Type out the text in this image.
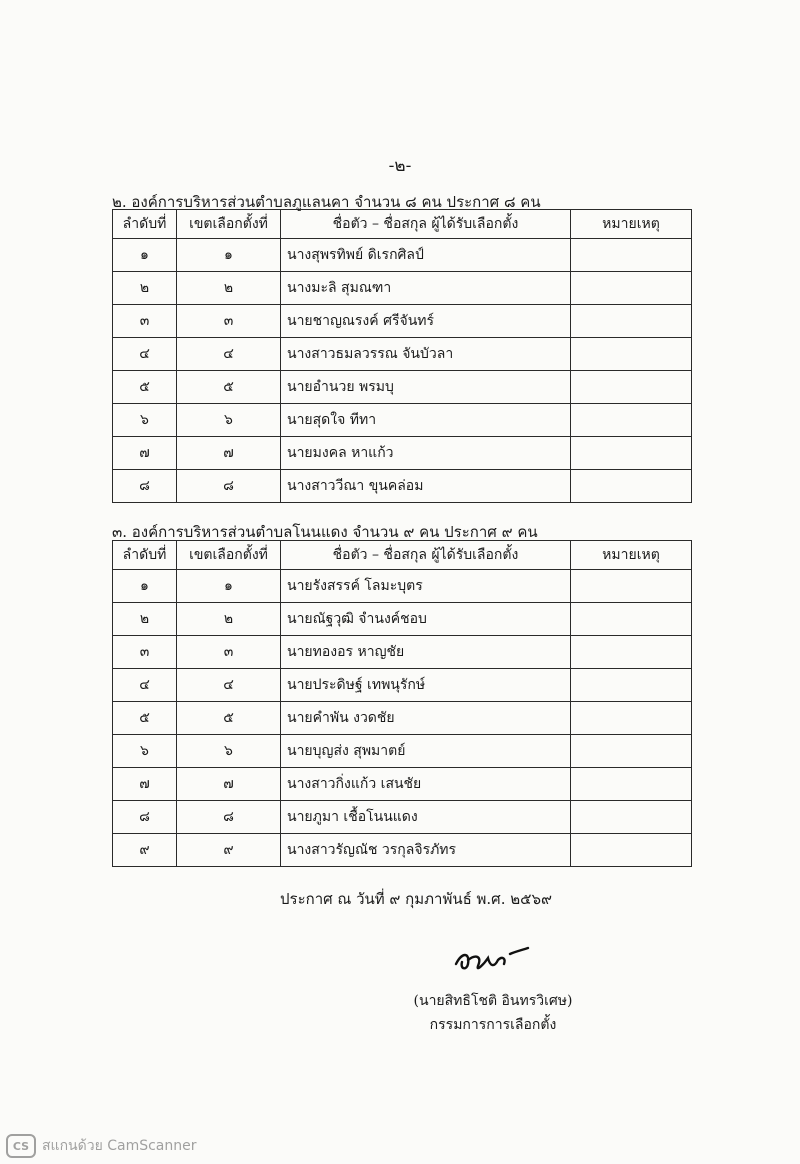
-๒-
๒. องค์การบริหารส่วนตำบลภูแลนคา จำนวน ๘ คน ประกาศ ๘ คน
ลำดับที่	เขตเลือกตั้งที่	ชื่อตัว – ชื่อสกุล ผู้ได้รับเลือกตั้ง	หมายเหตุ
๑	๑	นางสุพรทิพย์ ดิเรกศิลป์	
๒	๒	นางมะลิ สุมณฑา	
๓	๓	นายชาญณรงค์ ศรีจันทร์	
๔	๔	นางสาวธมลวรรณ จันบัวลา	
๕	๕	นายอำนวย พรมบุ	
๖	๖	นายสุดใจ ทีทา	
๗	๗	นายมงคล หาแก้ว	
๘	๘	นางสาววีณา ขุนคล่อม	
๓. องค์การบริหารส่วนตำบลโนนแดง จำนวน ๙ คน ประกาศ ๙ คน
ลำดับที่	เขตเลือกตั้งที่	ชื่อตัว – ชื่อสกุล ผู้ได้รับเลือกตั้ง	หมายเหตุ
๑	๑	นายรังสรรค์ โลมะบุตร	
๒	๒	นายณัฐวุฒิ จำนงค์ชอบ	
๓	๓	นายทองอร หาญชัย	
๔	๔	นายประดิษฐ์ เทพนุรักษ์	
๕	๕	นายคำพัน งวดชัย	
๖	๖	นายบุญส่ง สุพมาตย์	
๗	๗	นางสาวกิ่งแก้ว เสนชัย	
๘	๘	นายภูมา เชื้อโนนแดง	
๙	๙	นางสาวรัญณัช วรกุลจิรภัทร	
ประกาศ ณ วันที่ ๙ กุมภาพันธ์ พ.ศ. ๒๕๖๙
(นายสิทธิโชติ อินทรวิเศษ)
กรรมการการเลือกตั้ง
CS สแกนด้วย CamScanner
